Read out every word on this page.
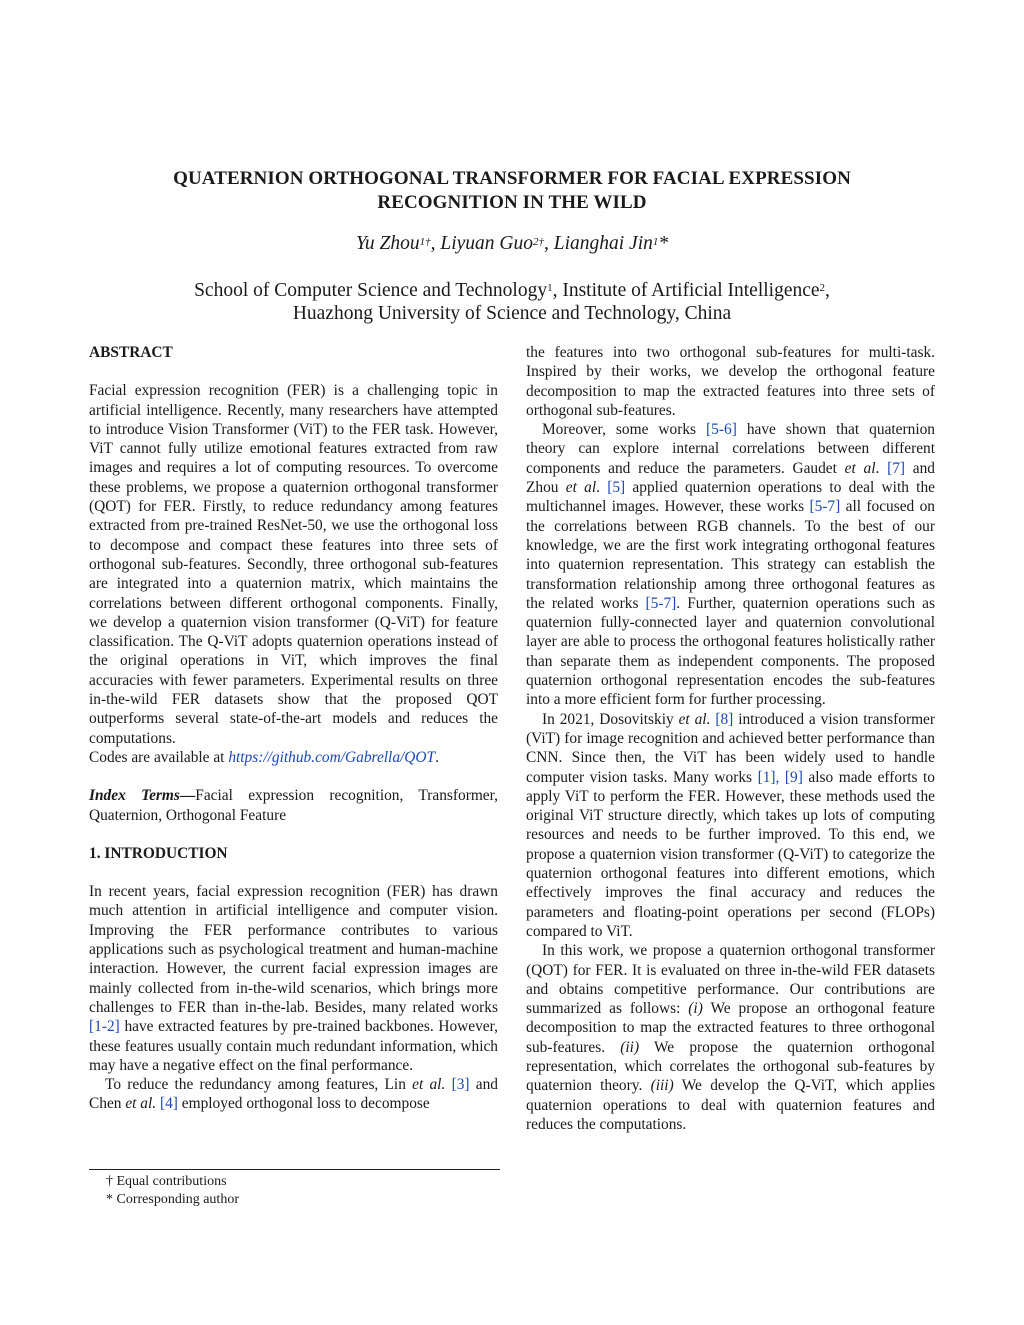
QUATERNION ORTHOGONAL TRANSFORMER FOR FACIAL EXPRESSION
RECOGNITION IN THE WILD
Yu Zhou$^{1\dagger}$, Liyuan Guo$^{2\dagger}$, Lianghai Jin$^1$*
School of Computer Science and Technology$^1$, Institute of Artificial Intelligence$^2$,
Huazhong University of Science and Technology, China

ABSTRACT

Facial expression recognition (FER) is a challenging topic in artificial intelligence. Recently, many researchers have attempted to introduce Vision Transformer (ViT) to the FER task. However, ViT cannot fully utilize emotional features extracted from raw images and requires a lot of computing resources. To overcome these problems, we propose a quaternion orthogonal transformer (QOT) for FER. Firstly, to reduce redundancy among features extracted from pre-trained ResNet-50, we use the orthogonal loss to decompose and compact these features into three sets of orthogonal sub-features. Secondly, three orthogonal sub-features are integrated into a quaternion matrix, which maintains the correlations between different orthogonal components. Finally, we develop a quaternion vision transformer (Q-ViT) for feature classification. The Q-ViT adopts quaternion operations instead of the original operations in ViT, which improves the final accuracies with fewer parameters. Experimental results on three in-the-wild FER datasets show that the proposed QOT outperforms several state-of-the-art models and reduces the computations.

Codes are available at https://github.com/Gabrella/QOT.

Index Terms—Facial expression recognition, Transformer, Quaternion, Orthogonal Feature

1. INTRODUCTION

In recent years, facial expression recognition (FER) has drawn much attention in artificial intelligence and computer vision. Improving the FER performance contributes to various applications such as psychological treatment and human-machine interaction. However, the current facial expression images are mainly collected from in-the-wild scenarios, which brings more challenges to FER than in-the-lab. Besides, many related works [1-2] have extracted features by pre-trained backbones. However, these features usually contain much redundant information, which may have a negative effect on the final performance.

To reduce the redundancy among features, Lin et al. [3] and Chen et al. [4] employed orthogonal loss to decompose

† Equal contributions
* Corresponding author

the features into two orthogonal sub-features for multi-task. Inspired by their works, we develop the orthogonal feature decomposition to map the extracted features into three sets of orthogonal sub-features.

Moreover, some works [5-6] have shown that quaternion theory can explore internal correlations between different components and reduce the parameters. Gaudet et al. [7] and Zhou et al. [5] applied quaternion operations to deal with the multichannel images. However, these works [5-7] all focused on the correlations between RGB channels. To the best of our knowledge, we are the first work integrating orthogonal features into quaternion representation. This strategy can establish the transformation relationship among three orthogonal features as the related works [5-7]. Further, quaternion operations such as quaternion fully-connected layer and quaternion convolutional layer are able to process the orthogonal features holistically rather than separate them as independent components. The proposed quaternion orthogonal representation encodes the sub-features into a more efficient form for further processing.

In 2021, Dosovitskiy et al. [8] introduced a vision transformer (ViT) for image recognition and achieved better performance than CNN. Since then, the ViT has been widely used to handle computer vision tasks. Many works [1], [9] also made efforts to apply ViT to perform the FER. However, these methods used the original ViT structure directly, which takes up lots of computing resources and needs to be further improved. To this end, we propose a quaternion vision transformer (Q-ViT) to categorize the quaternion orthogonal features into different emotions, which effectively improves the final accuracy and reduces the parameters and floating-point operations per second (FLOPs) compared to ViT.

In this work, we propose a quaternion orthogonal transformer (QOT) for FER. It is evaluated on three in-the-wild FER datasets and obtains competitive performance. Our contributions are summarized as follows: (i) We propose an orthogonal feature decomposition to map the extracted features to three orthogonal sub-features. (ii) We propose the quaternion orthogonal representation, which correlates the orthogonal sub-features by quaternion theory. (iii) We develop the Q-ViT, which applies quaternion operations to deal with quaternion features and reduces the computations.
